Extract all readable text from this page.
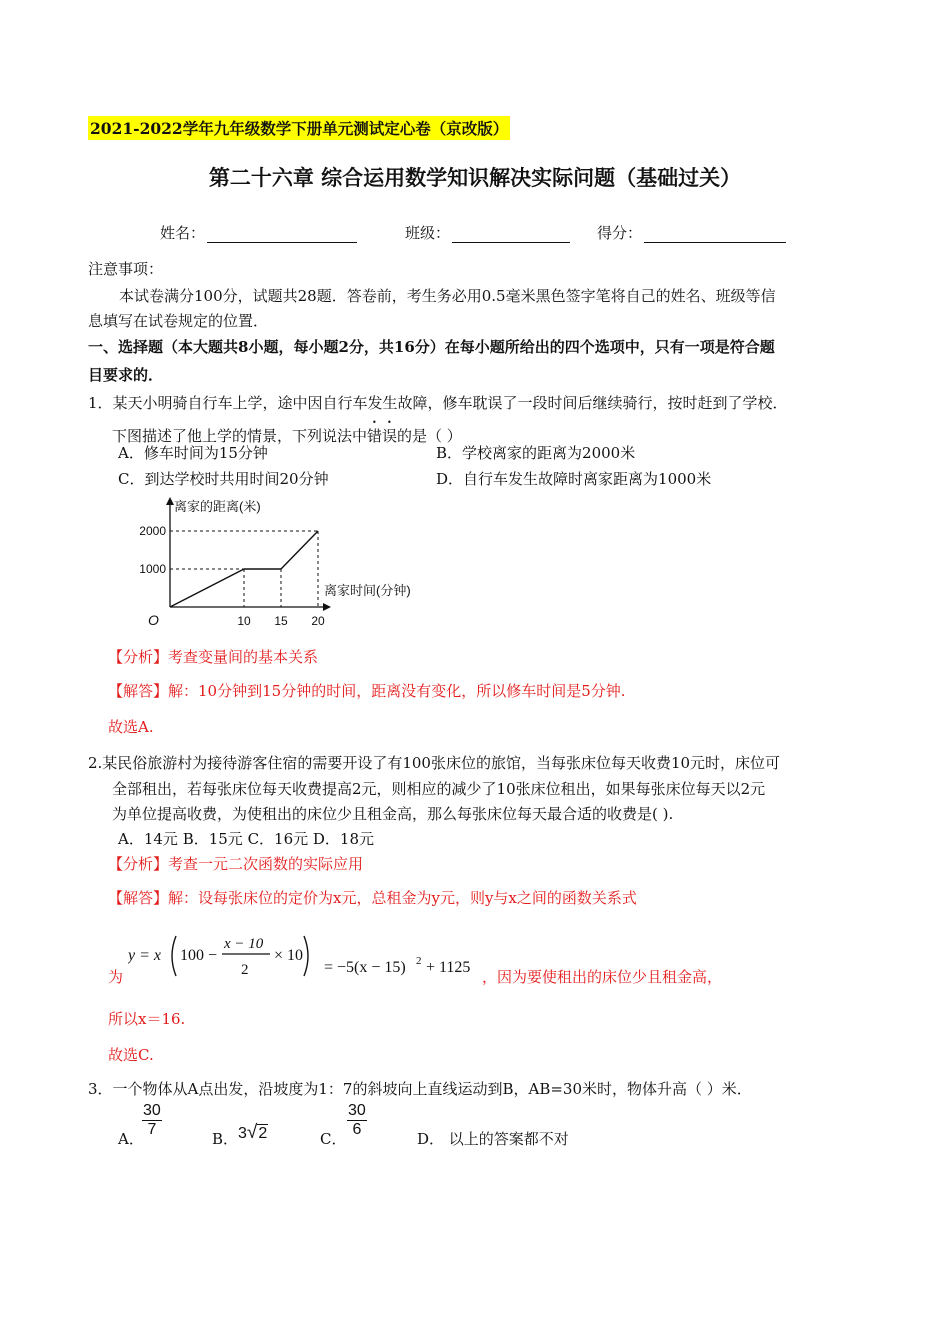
2021-2022学年九年级数学下册单元测试定心卷（京改版）
第二十六章 综合运用数学知识解决实际问题（基础过关）
姓名：	班级：	得分：
注意事项：
本试卷满分100分，试题共28题．答卷前，考生务必用0.5毫米黑色签字笔将自己的姓名、班级等信
息填写在试卷规定的位置．
一、选择题（本大题共8小题，每小题2分，共16分）在每小题所给出的四个选项中，只有一项是符合题
目要求的．
1．某天小明骑自行车上学，途中因自行车发生故障，修车耽误了一段时间后继续骑行，按时赶到了学校．
下图描述了他上学的情景，下列说法中错误的是（ ）
A．修车时间为15分钟	B．学校离家的距离为2000米
C．到达学校时共用时间20分钟	D．自行车发生故障时离家距离为1000米
离家的距离(米)
离家时间(分钟)
O
1000
2000
10 15 20
【分析】考查变量间的基本关系
【解答】解：10分钟到15分钟的时间，距离没有变化，所以修车时间是5分钟.
故选A.
2.某民俗旅游村为接待游客住宿的需要开设了有100张床位的旅馆，当每张床位每天收费10元时，床位可
全部租出，若每张床位每天收费提高2元，则相应的减少了10张床位租出，如果每张床位每天以2元
为单位提高收费，为使租出的床位少且租金高，那么每张床位每天最合适的收费是( ).
A．14元 B．15元 C．16元 D．18元
【分析】考查一元二次函数的实际应用
【解答】解：设每张床位的定价为x元，总租金为y元，则y与x之间的函数关系式
为
y = x 100 −
x − 10
2
× 10
= −5(x − 15) 2 + 1125
，因为要使租出的床位少且租金高，
所以x＝16.
故选C.
3．一个物体从A点出发，沿坡度为1：7的斜坡向上直线运动到B，AB=30米时，物体升高（ ）米．
A．
$\frac{30}{7}$	B． 3√2	C． $\frac{30}{6}$	D． 以上的答案都不对
